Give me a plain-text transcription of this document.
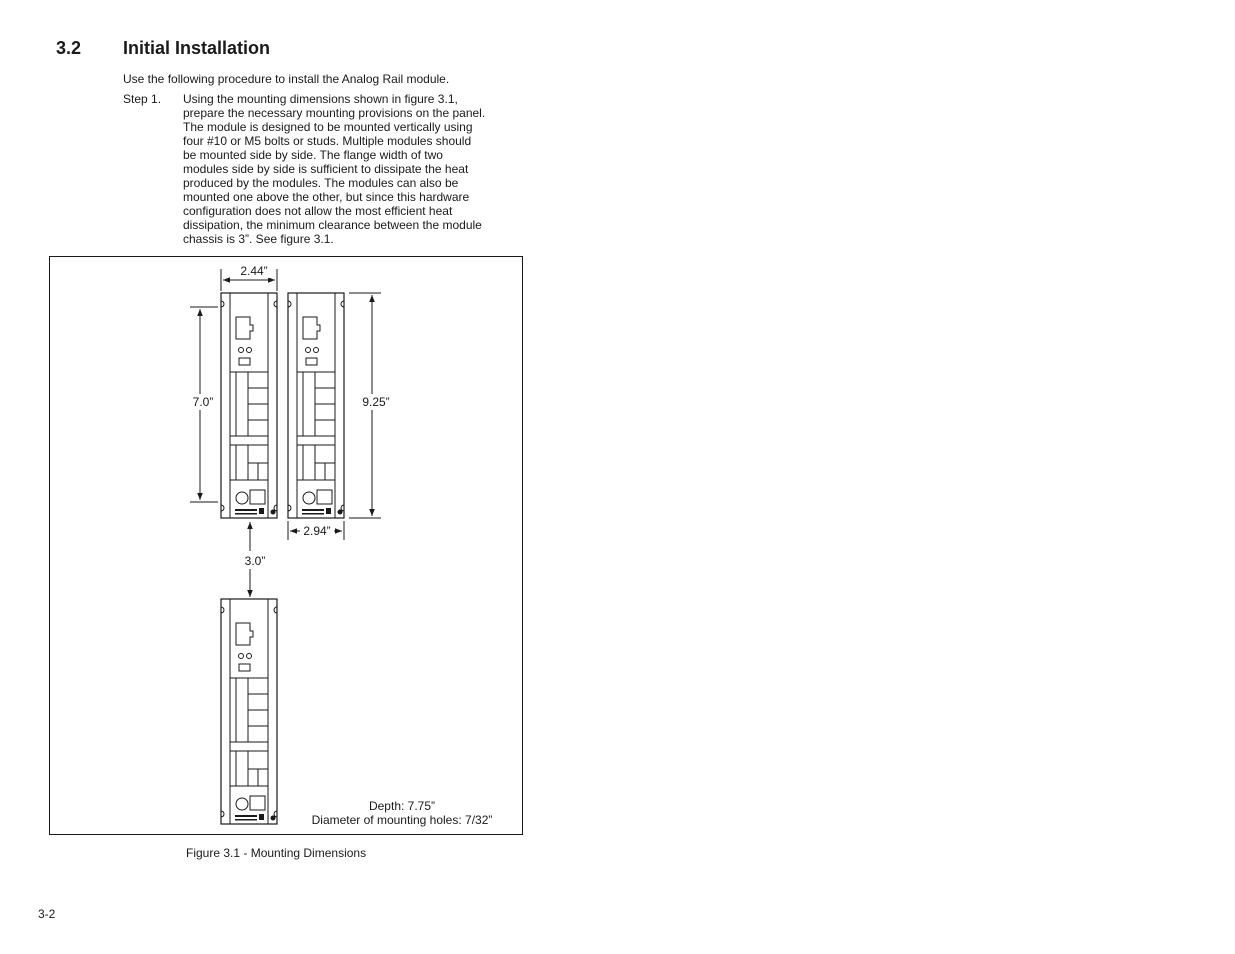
3.2 Initial Installation
Use the following procedure to install the Analog Rail module.
Step 1. Using the mounting dimensions shown in figure 3.1,
prepare the necessary mounting provisions on the panel.
The module is designed to be mounted vertically using
four #10 or M5 bolts or studs. Multiple modules should
be mounted side by side. The flange width of two
modules side by side is sufficient to dissipate the heat
produced by the modules. The modules can also be
mounted one above the other, but since this hardware
configuration does not allow the most efficient heat
dissipation, the minimum clearance between the module
chassis is 3”. See figure 3.1.
2.44”
7.0”	9.25”
2.94”
3.0”
Depth: 7.75”
Diameter of mounting holes: 7/32”
Figure 3.1 - Mounting Dimensions
3-2
